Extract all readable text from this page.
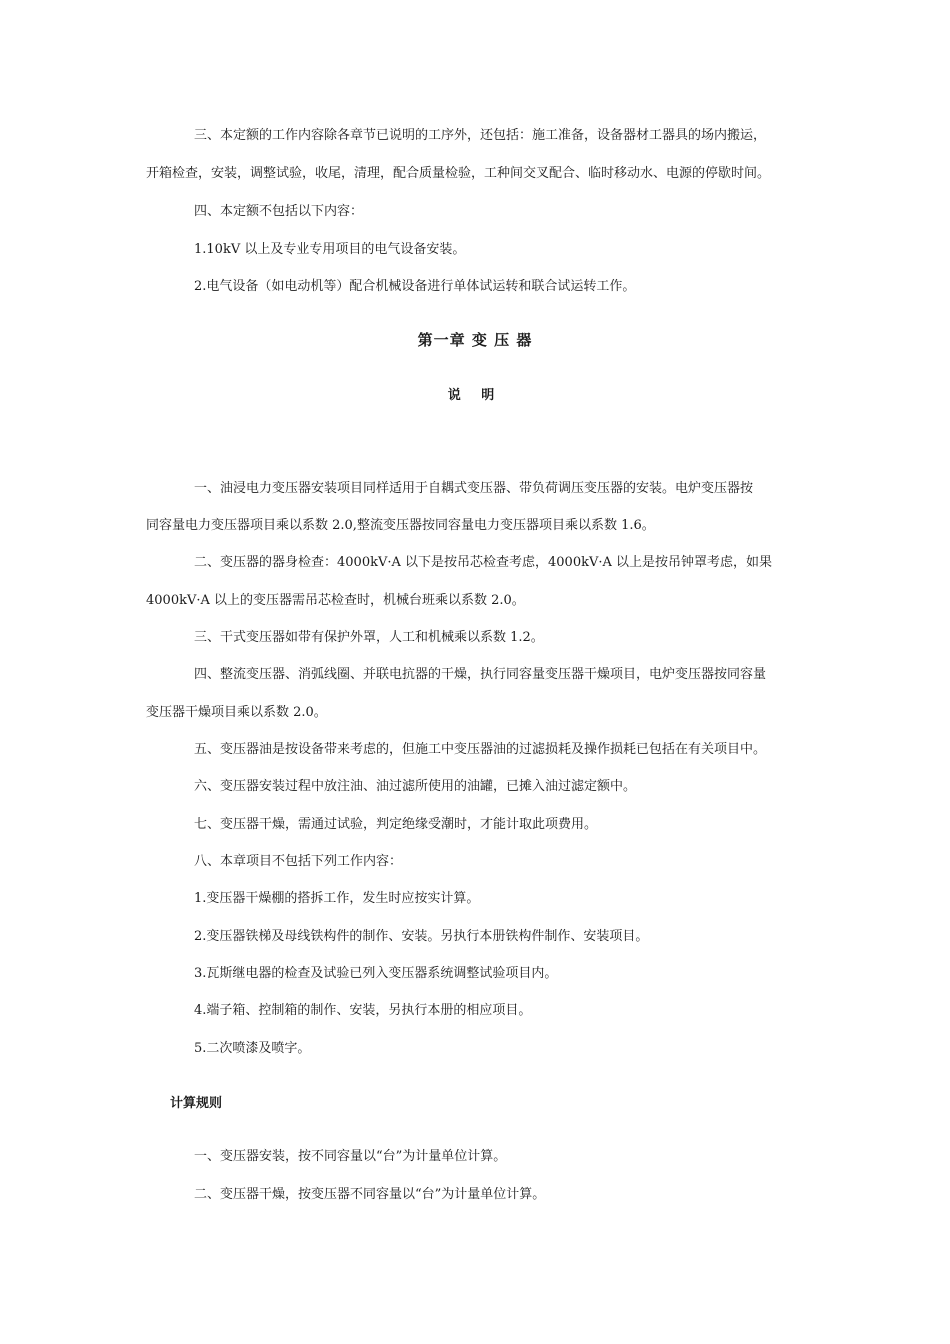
三、本定额的工作内容除各章节已说明的工序外，还包括：施工准备，设备器材工器具的场内搬运，
开箱检查，安装，调整试验，收尾，清理，配合质量检验，工种间交叉配合、临时移动水、电源的停歇时间。
四、本定额不包括以下内容：
1.10kV 以上及专业专用项目的电气设备安装。
2.电气设备（如电动机等）配合机械设备进行单体试运转和联合试运转工作。
第一章 变 压 器
说 明
一、油浸电力变压器安装项目同样适用于自耦式变压器、带负荷调压变压器的安装。电炉变压器按
同容量电力变压器项目乘以系数 2.0,整流变压器按同容量电力变压器项目乘以系数 1.6。
二、变压器的器身检查：4000kV·A 以下是按吊芯检查考虑，4000kV·A 以上是按吊钟罩考虑，如果
4000kV·A 以上的变压器需吊芯检查时，机械台班乘以系数 2.0。
三、干式变压器如带有保护外罩，人工和机械乘以系数 1.2。
四、整流变压器、消弧线圈、并联电抗器的干燥，执行同容量变压器干燥项目，电炉变压器按同容量
变压器干燥项目乘以系数 2.0。
五、变压器油是按设备带来考虑的，但施工中变压器油的过滤损耗及操作损耗已包括在有关项目中。
六、变压器安装过程中放注油、油过滤所使用的油罐，已摊入油过滤定额中。
七、变压器干燥，需通过试验，判定绝缘受潮时，才能计取此项费用。
八、本章项目不包括下列工作内容：
1.变压器干燥棚的搭拆工作，发生时应按实计算。
2.变压器铁梯及母线铁构件的制作、安装。另执行本册铁构件制作、安装项目。
3.瓦斯继电器的检查及试验已列入变压器系统调整试验项目内。
4.端子箱、控制箱的制作、安装，另执行本册的相应项目。
5.二次喷漆及喷字。
计算规则
一、变压器安装，按不同容量以“台”为计量单位计算。
二、变压器干燥，按变压器不同容量以“台”为计量单位计算。
